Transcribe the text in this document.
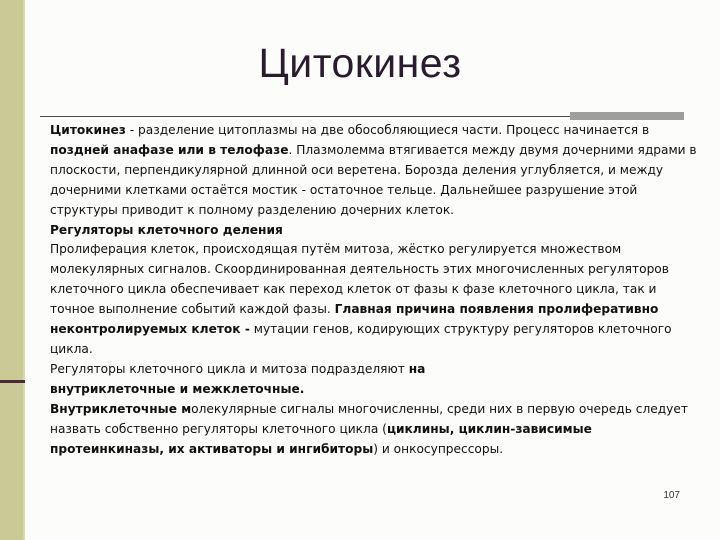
Цитокинез

Цитокинез - разделение цитоплазмы на две обособляющиеся части. Процесс начинается в поздней анафазе или в телофазе. Плазмолемма втягивается между двумя дочерними ядрами в плоскости, перпендикулярной длинной оси веретена. Борозда деления углубляется, и между дочерними клетками остаётся мостик - остаточное тельце. Дальнейшее разрушение этой структуры приводит к полному разделению дочерних клеток.

Регуляторы клеточного деления

Пролиферация клеток, происходящая путём митоза, жёстко регулируется множеством молекулярных сигналов. Скоординированная деятельность этих многочисленных регуляторов клеточного цикла обеспечивает как переход клеток от фазы к фазе клеточного цикла, так и точное выполнение событий каждой фазы. Главная причина появления пролиферативно неконтролируемых клеток - мутации генов, кодирующих структуру регуляторов клеточного цикла.

Регуляторы клеточного цикла и митоза подразделяют на
внутриклеточные и межклеточные.

Внутриклеточные молекулярные сигналы многочисленны, среди них в первую очередь следует назвать собственно регуляторы клеточного цикла (циклины, циклин-зависимые протеинкиназы, их активаторы и ингибиторы) и онкосупрессоры.

107
